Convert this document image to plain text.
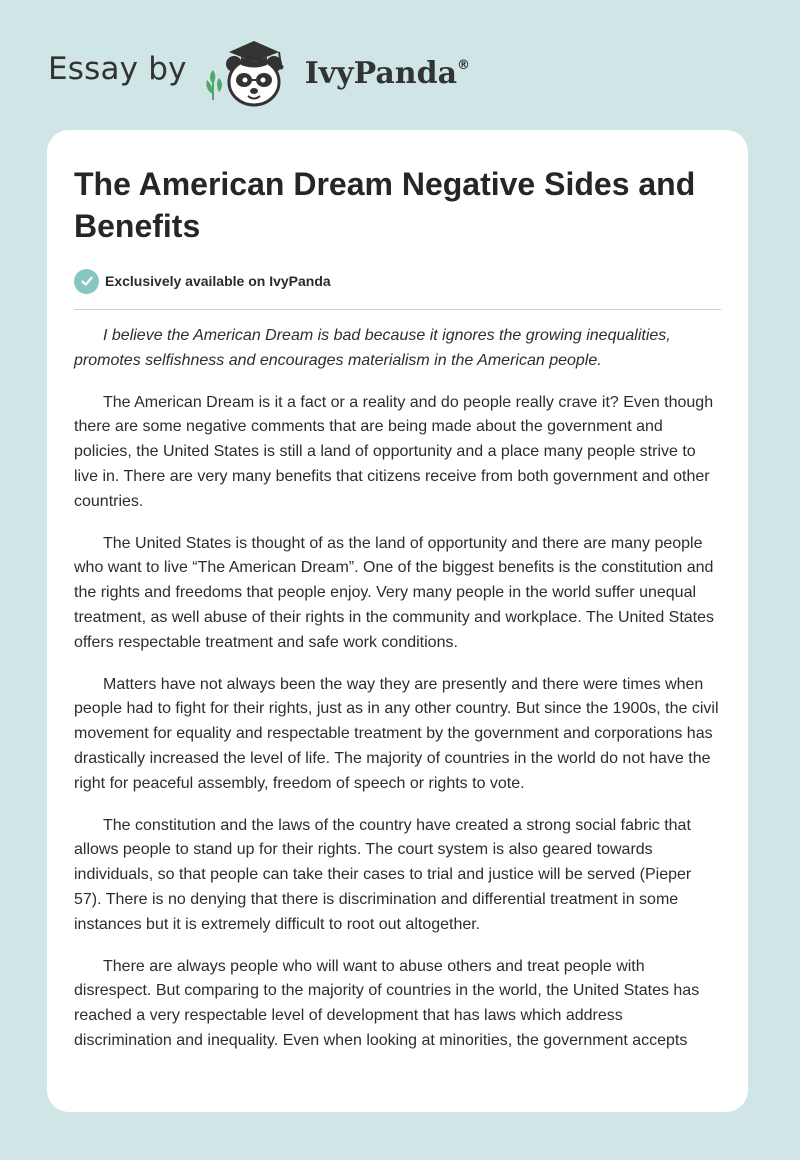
Essay by	IvyPanda®
The American Dream Negative Sides and Benefits
Exclusively available on IvyPanda

I believe the American Dream is bad because it ignores the growing inequalities, promotes selfishness and encourages materialism in the American people.

The American Dream is it a fact or a reality and do people really crave it? Even though there are some negative comments that are being made about the government and policies, the United States is still a land of opportunity and a place many people strive to live in. There are very many benefits that citizens receive from both government and other countries.

The United States is thought of as the land of opportunity and there are many people who want to live “The American Dream”. One of the biggest benefits is the constitution and the rights and freedoms that people enjoy. Very many people in the world suffer unequal treatment, as well abuse of their rights in the community and workplace. The United States offers respectable treatment and safe work conditions.

Matters have not always been the way they are presently and there were times when people had to fight for their rights, just as in any other country. But since the 1900s, the civil movement for equality and respectable treatment by the government and corporations has drastically increased the level of life. The majority of countries in the world do not have the right for peaceful assembly, freedom of speech or rights to vote.

The constitution and the laws of the country have created a strong social fabric that allows people to stand up for their rights. The court system is also geared towards individuals, so that people can take their cases to trial and justice will be served (Pieper 57). There is no denying that there is discrimination and differential treatment in some instances but it is extremely difficult to root out altogether.

There are always people who will want to abuse others and treat people with disrespect. But comparing to the majority of countries in the world, the United States has reached a very respectable level of development that has laws which address discrimination and inequality. Even when looking at minorities, the government accepts
